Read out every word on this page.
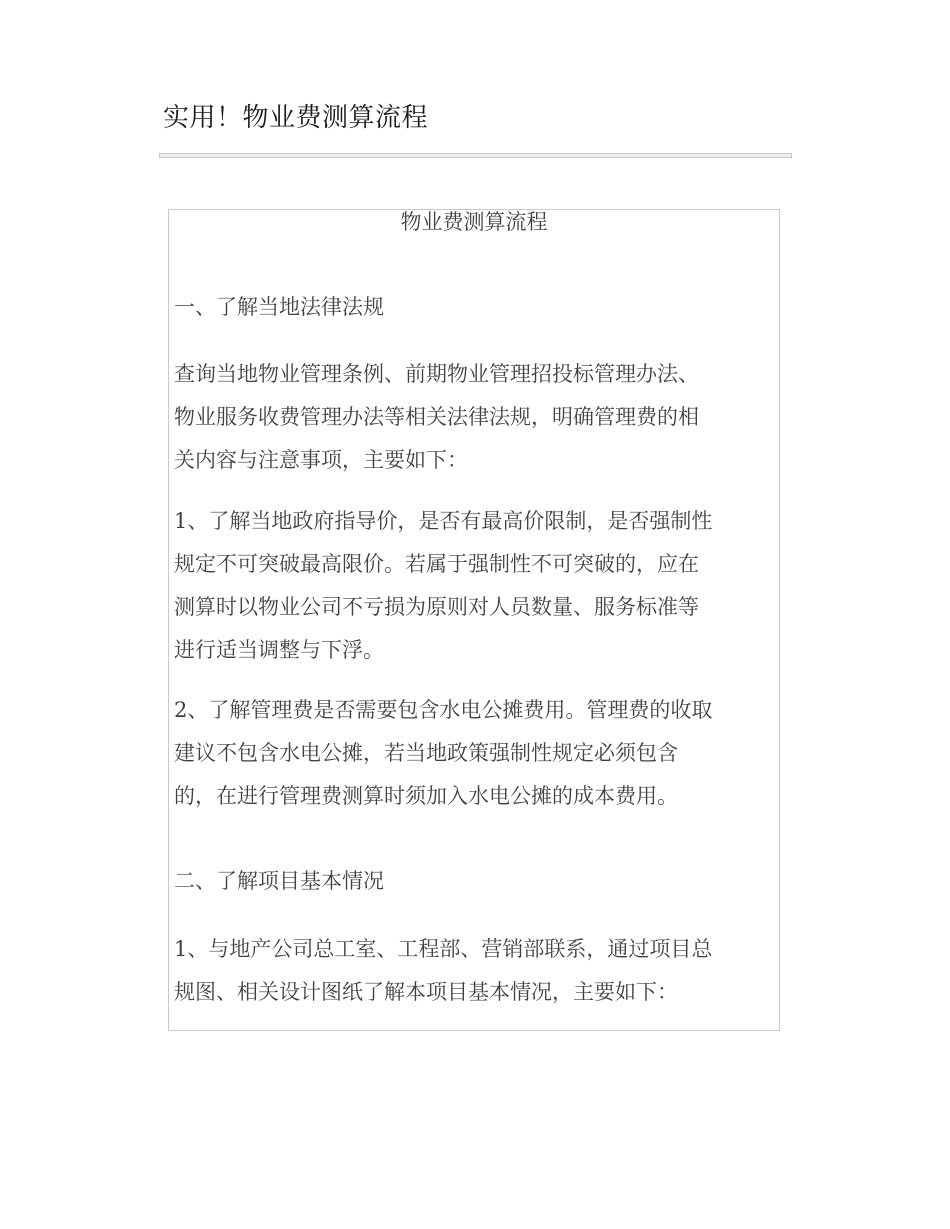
实用！物业费测算流程
物业费测算流程
一、了解当地法律法规
查询当地物业管理条例、前期物业管理招投标管理办法、
物业服务收费管理办法等相关法律法规，明确管理费的相
关内容与注意事项，主要如下：
1、了解当地政府指导价，是否有最高价限制，是否强制性
规定不可突破最高限价。若属于强制性不可突破的，应在
测算时以物业公司不亏损为原则对人员数量、服务标准等
进行适当调整与下浮。
2、了解管理费是否需要包含水电公摊费用。管理费的收取
建议不包含水电公摊，若当地政策强制性规定必须包含
的，在进行管理费测算时须加入水电公摊的成本费用。
二、了解项目基本情况
1、与地产公司总工室、工程部、营销部联系，通过项目总
规图、相关设计图纸了解本项目基本情况，主要如下：
